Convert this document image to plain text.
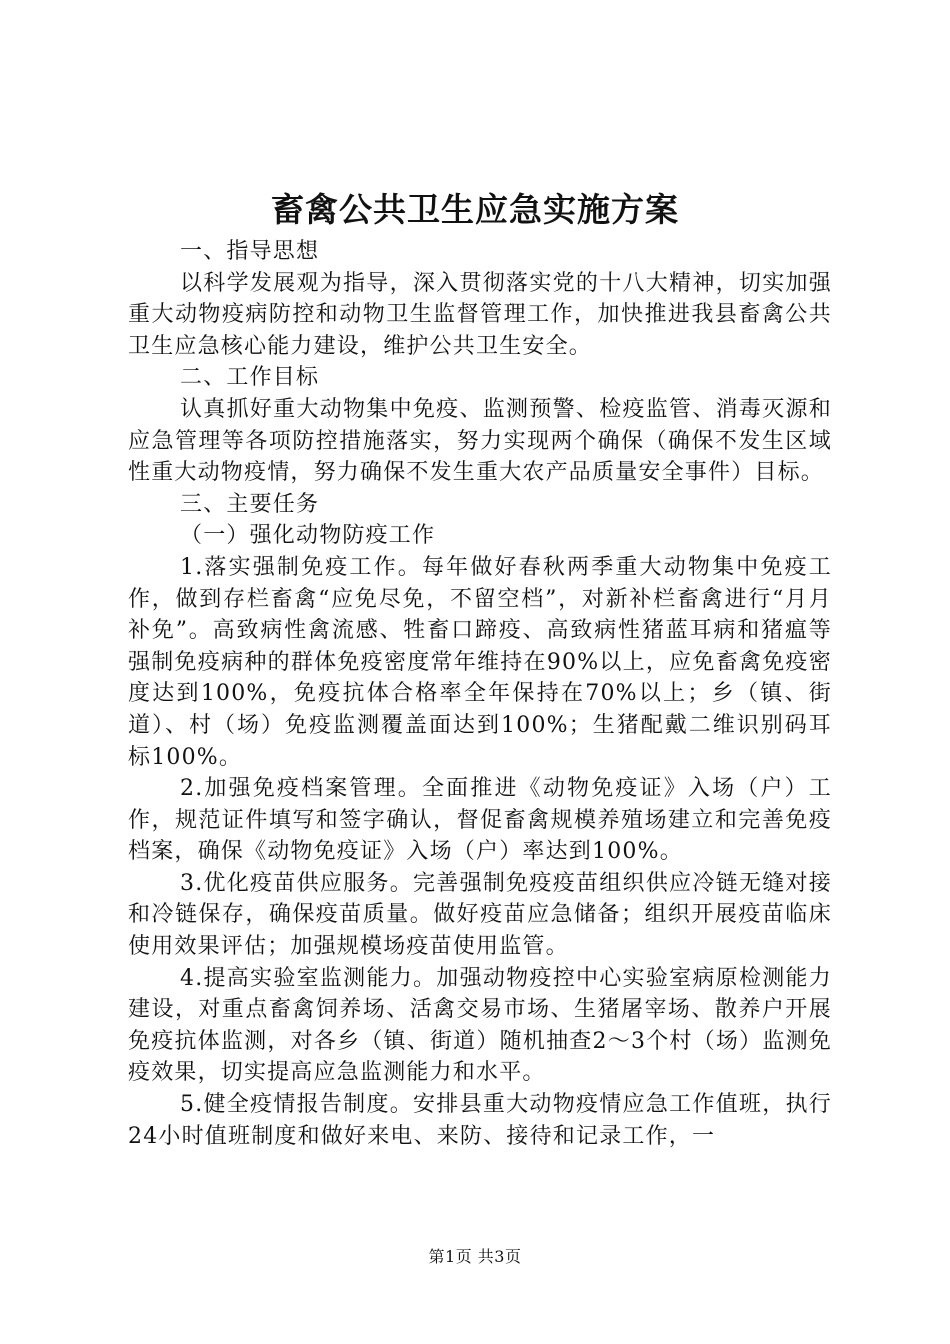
畜禽公共卫生应急实施方案

一、指导思想

以科学发展观为指导，深入贯彻落实党的十八大精神，切实加强重大动物疫病防控和动物卫生监督管理工作，加快推进我县畜禽公共卫生应急核心能力建设，维护公共卫生安全。

二、工作目标

认真抓好重大动物集中免疫、监测预警、检疫监管、消毒灭源和应急管理等各项防控措施落实，努力实现两个确保（确保不发生区域性重大动物疫情，努力确保不发生重大农产品质量安全事件）目标。

三、主要任务

（一）强化动物防疫工作

1.落实强制免疫工作。每年做好春秋两季重大动物集中免疫工作，做到存栏畜禽“应免尽免，不留空档”，对新补栏畜禽进行“月月补免”。高致病性禽流感、牲畜口蹄疫、高致病性猪蓝耳病和猪瘟等强制免疫病种的群体免疫密度常年维持在90%以上，应免畜禽免疫密度达到100%，免疫抗体合格率全年保持在70%以上；乡（镇、街道）、村（场）免疫监测覆盖面达到100%；生猪配戴二维识别码耳标100%。

2.加强免疫档案管理。全面推进《动物免疫证》入场（户）工作，规范证件填写和签字确认，督促畜禽规模养殖场建立和完善免疫档案，确保《动物免疫证》入场（户）率达到100%。

3.优化疫苗供应服务。完善强制免疫疫苗组织供应冷链无缝对接和冷链保存，确保疫苗质量。做好疫苗应急储备；组织开展疫苗临床使用效果评估；加强规模场疫苗使用监管。

4.提高实验室监测能力。加强动物疫控中心实验室病原检测能力建设，对重点畜禽饲养场、活禽交易市场、生猪屠宰场、散养户开展免疫抗体监测，对各乡（镇、街道）随机抽查2～3个村（场）监测免疫效果，切实提高应急监测能力和水平。

5.健全疫情报告制度。安排县重大动物疫情应急工作值班，执行24小时值班制度和做好来电、来防、接待和记录工作，一

第1页 共3页
